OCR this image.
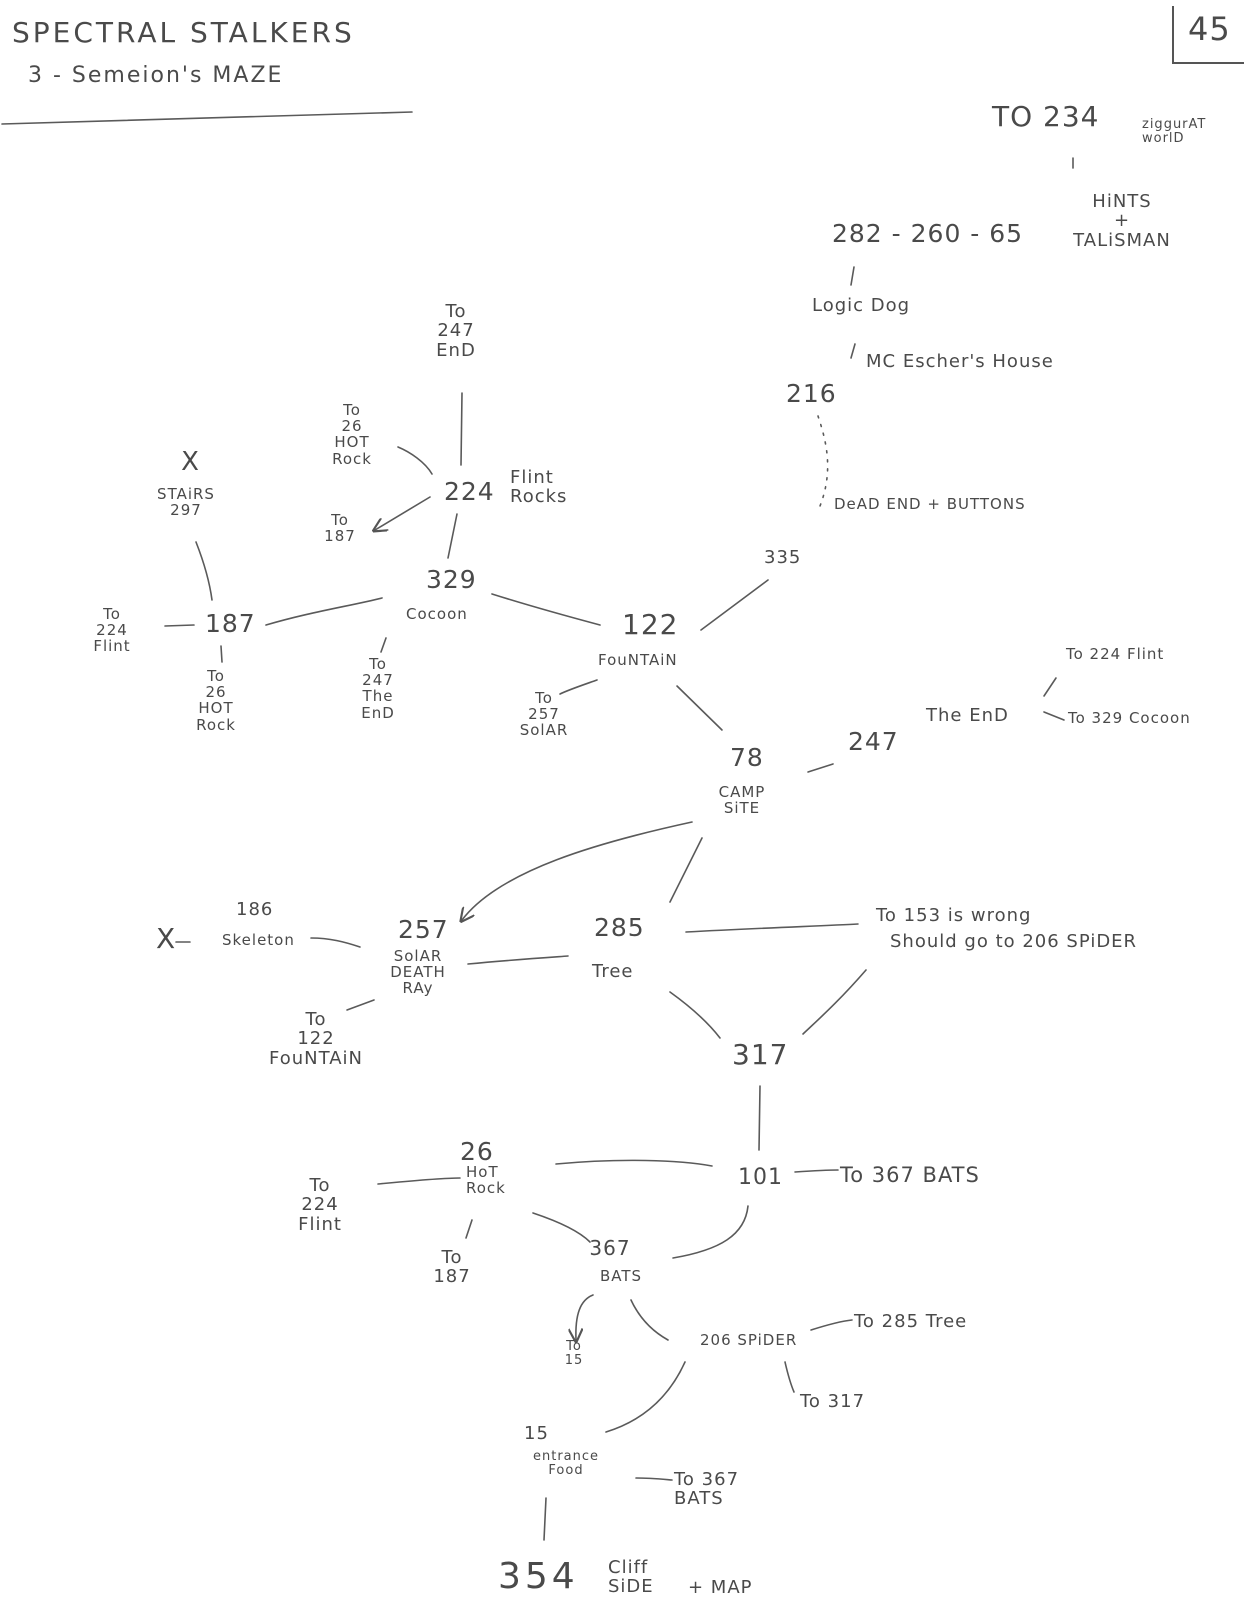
SPECTRAL STALKERS
3 - Semeion's MAZE
45
TO 234	ziggurAT
worlD
HiNTS
+
TALiSMAN
282 - 260 - 65
Logic Dog
216
MC Escher's House
DeAD END + BUTTONS
335
To
247
EnD
To
26
HOT
Rock
224 Flint
Rocks
To
187
X
STAiRS
297
To
224
Flint
187
To
26
HOT
Rock
329
Cocoon
To
247
The
EnD
122
FouNTAiN
To
257
SolAR
To 224 Flint
247
The EnD	To 329 Cocoon
78
CAMP
SiTE
186
X	Skeleton	257
SolAR
DEATH
RAy
To
122
FouNTAiN
285
Tree
To 153 is wrong
Should go to 206 SPiDER
317
To
224
Flint
26
HoT
Rock
To
187
101	To 367 BATS
367
BATS
To
15
206 SPiDER
To 285 Tree
To 317
15
entrance
Food	To 367
BATS
354 Cliff
SiDE + MAP
